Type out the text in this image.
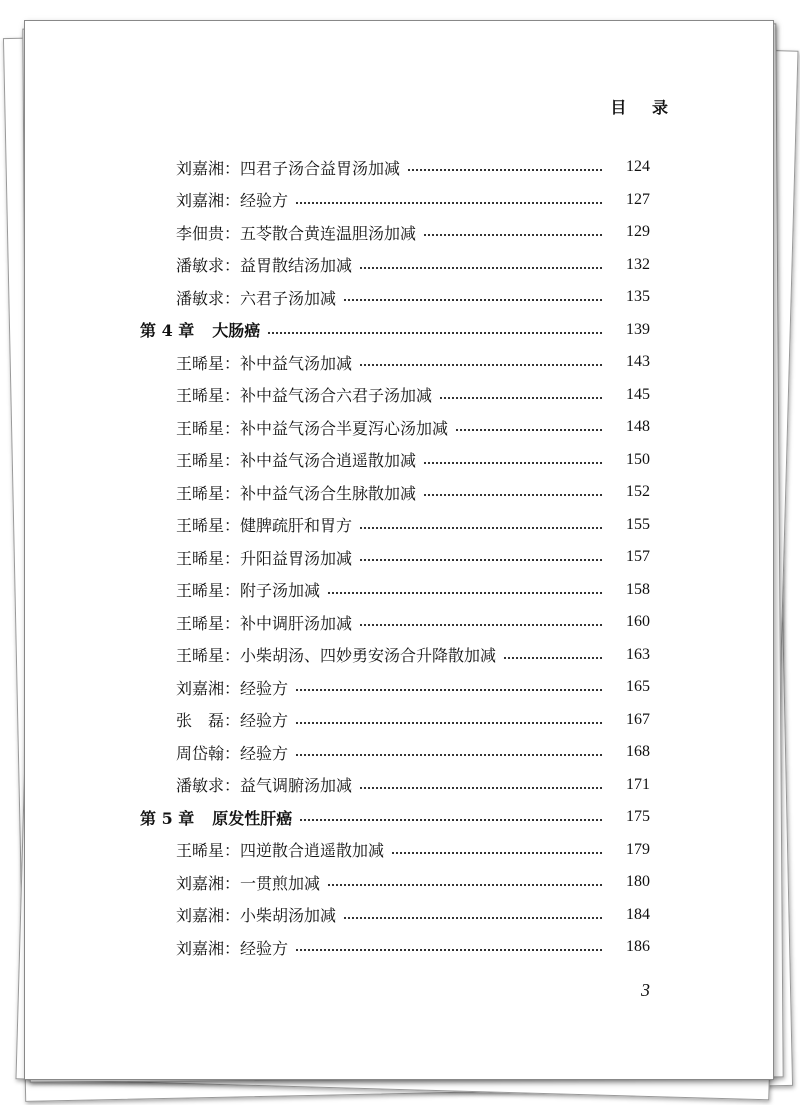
目 录
刘嘉湘：四君子汤合益胃汤加减	124
刘嘉湘：经验方	127
李佃贵：五苓散合黄连温胆汤加减	129
潘敏求：益胃散结汤加减	132
潘敏求：六君子汤加减	135
第 4 章 大肠癌	139
王晞星：补中益气汤加减	143
王晞星：补中益气汤合六君子汤加减	145
王晞星：补中益气汤合半夏泻心汤加减	148
王晞星：补中益气汤合逍遥散加减	150
王晞星：补中益气汤合生脉散加减	152
王晞星：健脾疏肝和胃方	155
王晞星：升阳益胃汤加减	157
王晞星：附子汤加减	158
王晞星：补中调肝汤加减	160
王晞星：小柴胡汤、四妙勇安汤合升降散加减	163
刘嘉湘：经验方	165
张　磊：经验方	167
周岱翰：经验方	168
潘敏求：益气调腑汤加减	171
第 5 章 原发性肝癌	175
王晞星：四逆散合逍遥散加减	179
刘嘉湘：一贯煎加减	180
刘嘉湘：小柴胡汤加减	184
刘嘉湘：经验方	186
3
